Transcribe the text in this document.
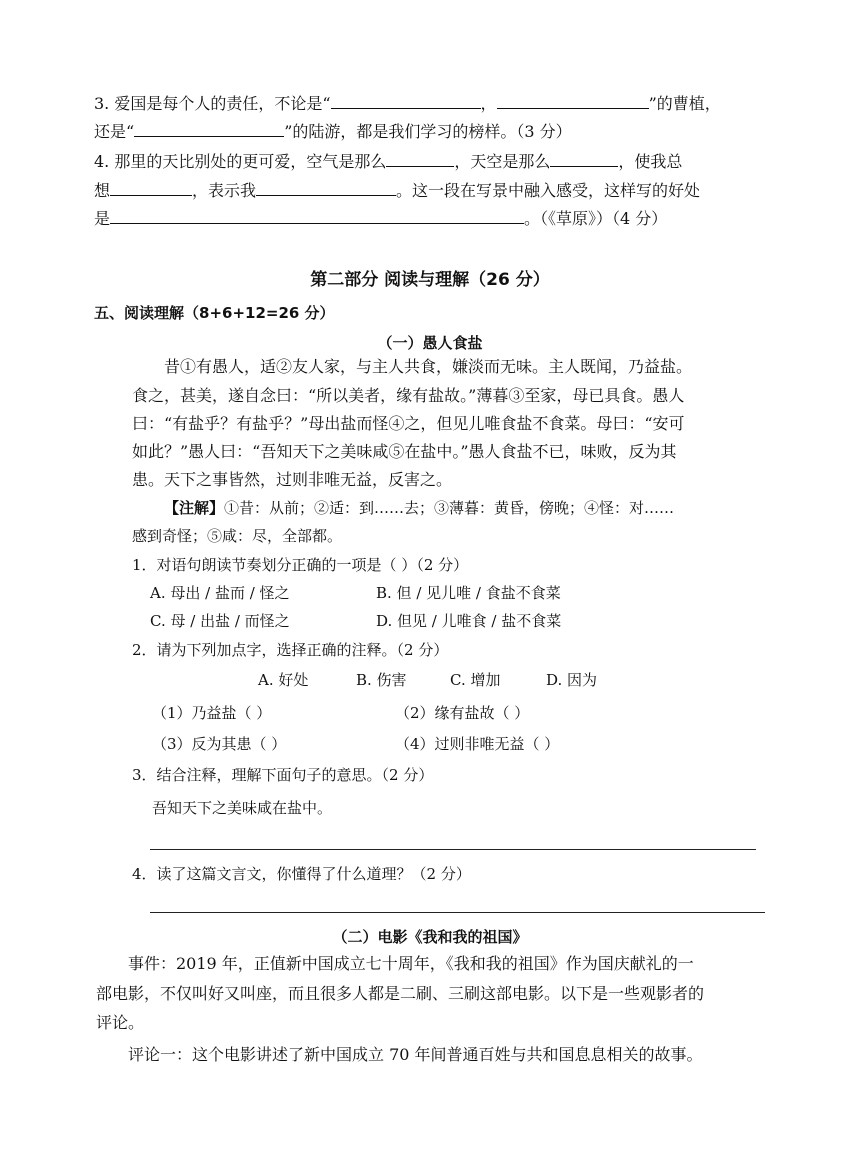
3. 爱国是每个人的责任，不论是“	，	”的曹植，
还是“	”的陆游，都是我们学习的榜样。（3 分）
4. 那里的天比别处的更可爱，空气是那么	，天空是那么	，使我总
想	，表示我	。这一段在写景中融入感受，这样写的好处
是	。（《草原》）（4 分）
第二部分 阅读与理解（26 分）
五、阅读理解（8+6+12=26 分）
（一）愚人食盐
昔①有愚人，适②友人家，与主人共食，嫌淡而无味。主人既闻，乃益盐。
食之，甚美，遂自念曰：“所以美者，缘有盐故。”薄暮③至家，母已具食。愚人
曰：“有盐乎？有盐乎？”母出盐而怪④之，但见儿唯食盐不食菜。母曰：“安可
如此？”愚人曰：“吾知天下之美味咸⑤在盐中。”愚人食盐不已，味败，反为其
患。天下之事皆然，过则非唯无益，反害之。
【注解】①昔：从前；②适：到……去；③薄暮：黄昏，傍晚；④怪：对……
感到奇怪；⑤咸：尽，全部都。
1．对语句朗读节奏划分正确的一项是（ ）（2 分）
A. 母出 / 盐而 / 怪之	B. 但 / 见儿唯 / 食盐不食菜
C. 母 / 出盐 / 而怪之	D. 但见 / 儿唯食 / 盐不食菜
2．请为下列加点字，选择正确的注释。（2 分）
A. 好处	B. 伤害	C. 增加	D. 因为
（1）乃益盐（ ）	（2）缘有盐故（ ）
（3）反为其患（ ）	（4）过则非唯无益（ ）
3．结合注释，理解下面句子的意思。（2 分）
吾知天下之美味咸在盐中。
4．读了这篇文言文，你懂得了什么道理？（2 分）
（二）电影《我和我的祖国》
事件：2019 年，正值新中国成立七十周年，《我和我的祖国》作为国庆献礼的一
部电影，不仅叫好又叫座，而且很多人都是二刷、三刷这部电影。以下是一些观影者的
评论。
评论一：这个电影讲述了新中国成立 70 年间普通百姓与共和国息息相关的故事。
